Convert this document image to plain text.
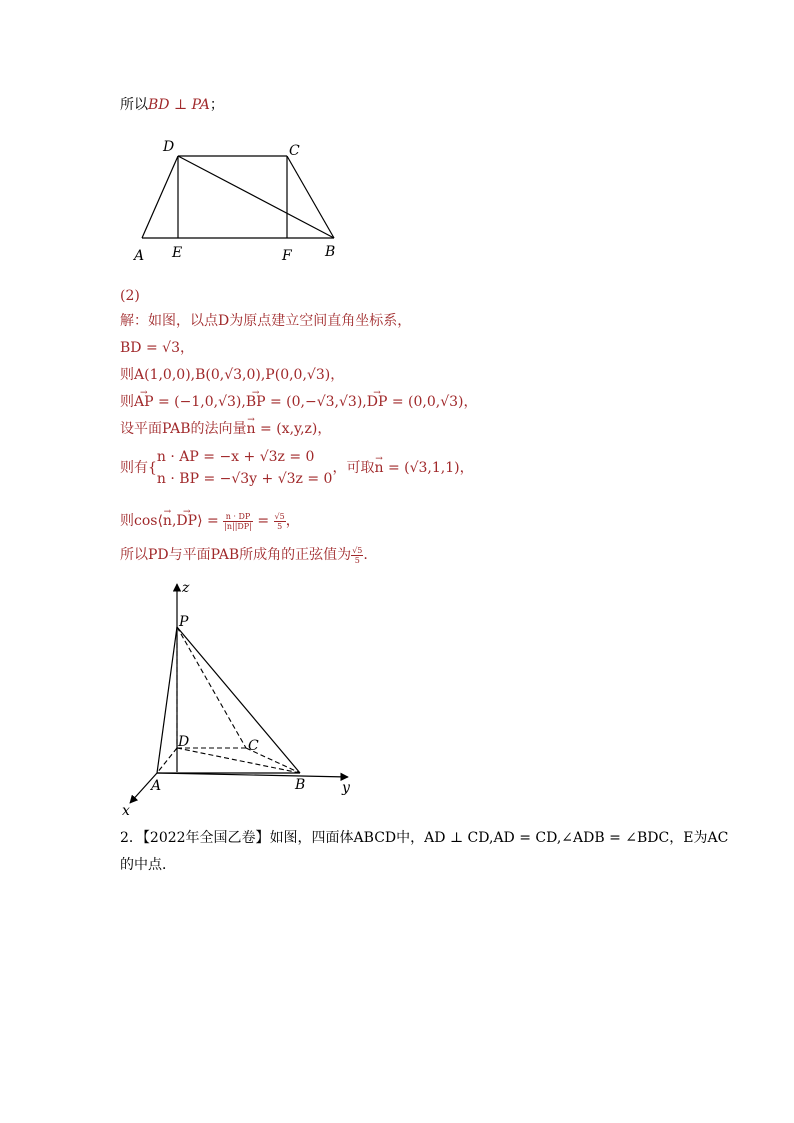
所以BD ⊥ PA；
D	C
A E	F B
(2)
解：如图，以点D为原点建立空间直角坐标系，
BD = √3，
则A(1,0,0),B(0,√3,0),P(0,0,√3)，
则→ AP = (−1,0,√3),→ BP = (0,−√3,√3),→ DP = (0,0,√3)，
设平面PAB的法向量→ n = (x,y,z)，
则有{
n · AP = −x + √3z = 0
n · BP = −√3y + √3z = 0
，可取→ n = (√3,1,1)，
则cos⟨→ n,→ DP⟩ = $\frac{n \cdot DP}{|n||DP|} = \frac{√5}{5}$ ，
所以PD与平面PAB所成角的正弦值为 $\frac{√5}{5}$ .
z
P
D	C
A	B	y
x
2．【2022年全国乙卷】如图，四面体ABCD中，AD ⊥ CD,AD = CD,∠ADB = ∠BDC，E为AC
的中点．
